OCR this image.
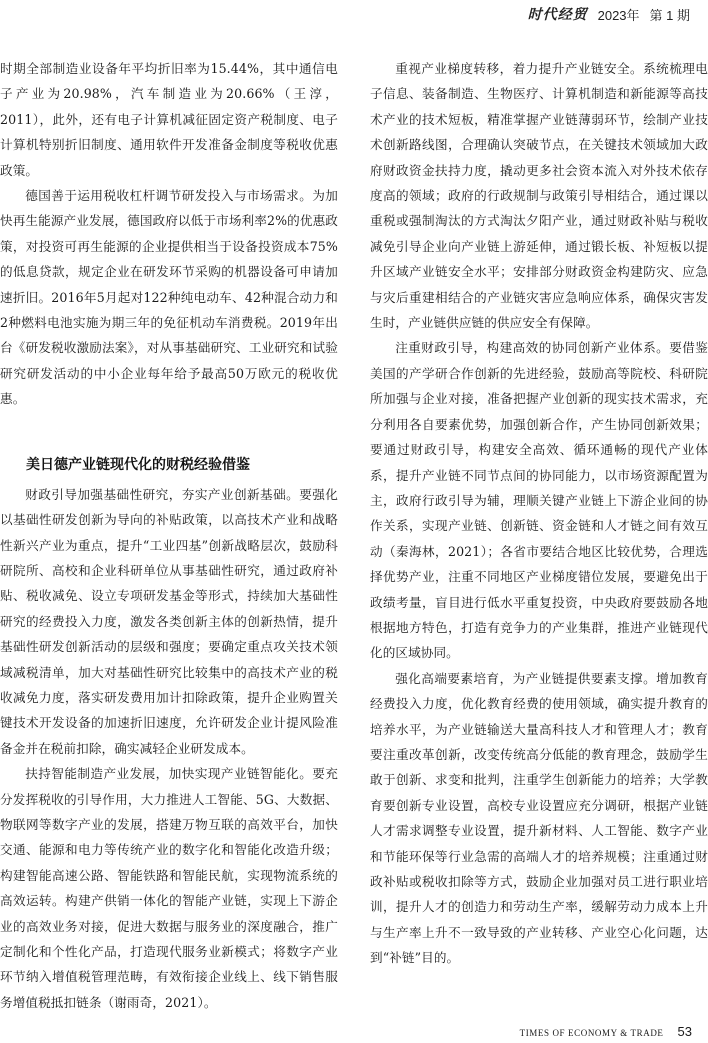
时代经贸 2023年 第 1 期

时期全部制造业设备年平均折旧率为15.44%，其中通信电子产业为20.98%，汽车制造业为20.66%（王淳，2011），此外，还有电子计算机减征固定资产税制度、电子计算机特别折旧制度、通用软件开发准备金制度等税收优惠政策。

德国善于运用税收杠杆调节研发投入与市场需求。为加快再生能源产业发展，德国政府以低于市场利率2%的优惠政策，对投资可再生能源的企业提供相当于设备投资成本75%的低息贷款，规定企业在研发环节采购的机器设备可申请加速折旧。2016年5月起对122种纯电动车、42种混合动力和2种燃料电池实施为期三年的免征机动车消费税。2019年出台《研发税收激励法案》，对从事基础研究、工业研究和试验研究研发活动的中小企业每年给予最高50万欧元的税收优惠。

美日德产业链现代化的财税经验借鉴

财政引导加强基础性研究，夯实产业创新基础。要强化以基础性研发创新为导向的补贴政策，以高技术产业和战略性新兴产业为重点，提升“工业四基”创新战略层次，鼓励科研院所、高校和企业科研单位从事基础性研究，通过政府补贴、税收减免、设立专项研发基金等形式，持续加大基础性研究的经费投入力度，激发各类创新主体的创新热情，提升基础性研发创新活动的层级和强度；要确定重点攻关技术领域减税清单，加大对基础性研究比较集中的高技术产业的税收减免力度，落实研发费用加计扣除政策，提升企业购置关键技术开发设备的加速折旧速度，允许研发企业计提风险准备金并在税前扣除，确实减轻企业研发成本。

扶持智能制造产业发展，加快实现产业链智能化。要充分发挥税收的引导作用，大力推进人工智能、5G、大数据、物联网等数字产业的发展，搭建万物互联的高效平台，加快交通、能源和电力等传统产业的数字化和智能化改造升级；构建智能高速公路、智能铁路和智能民航，实现物流系统的高效运转。构建产供销一体化的智能产业链，实现上下游企业的高效业务对接，促进大数据与服务业的深度融合，推广定制化和个性化产品，打造现代服务业新模式；将数字产业环节纳入增值税管理范畴，有效衔接企业线上、线下销售服务增值税抵扣链条（谢雨奇，2021）。

重视产业梯度转移，着力提升产业链安全。系统梳理电子信息、装备制造、生物医疗、计算机制造和新能源等高技术产业的技术短板，精准掌握产业链薄弱环节，绘制产业技术创新路线图，合理确认突破节点，在关键技术领域加大政府财政资金扶持力度，撬动更多社会资本流入对外技术依存度高的领域；政府的行政规制与政策引导相结合，通过课以重税或强制淘汰的方式淘汰夕阳产业，通过财政补贴与税收减免引导企业向产业链上游延伸，通过锻长板、补短板以提升区域产业链安全水平；安排部分财政资金构建防灾、应急与灾后重建相结合的产业链灾害应急响应体系，确保灾害发生时，产业链供应链的供应安全有保障。

注重财政引导，构建高效的协同创新产业体系。要借鉴美国的产学研合作创新的先进经验，鼓励高等院校、科研院所加强与企业对接，准备把握产业创新的现实技术需求，充分利用各自要素优势，加强创新合作，产生协同创新效果；要通过财政引导，构建安全高效、循环通畅的现代产业体系，提升产业链不同节点间的协同能力，以市场资源配置为主，政府行政引导为辅，理顺关键产业链上下游企业间的协作关系，实现产业链、创新链、资金链和人才链之间有效互动（秦海林，2021）；各省市要结合地区比较优势，合理选择优势产业，注重不同地区产业梯度错位发展，要避免出于政绩考量，盲目进行低水平重复投资，中央政府要鼓励各地根据地方特色，打造有竞争力的产业集群，推进产业链现代化的区域协同。

强化高端要素培育，为产业链提供要素支撑。增加教育经费投入力度，优化教育经费的使用领域，确实提升教育的培养水平，为产业链输送大量高科技人才和管理人才；教育要注重改革创新，改变传统高分低能的教育理念，鼓励学生敢于创新、求变和批判，注重学生创新能力的培养；大学教育要创新专业设置，高校专业设置应充分调研，根据产业链人才需求调整专业设置，提升新材料、人工智能、数字产业和节能环保等行业急需的高端人才的培养规模；注重通过财政补贴或税收扣除等方式，鼓励企业加强对员工进行职业培训，提升人才的创造力和劳动生产率，缓解劳动力成本上升与生产率上升不一致导致的产业转移、产业空心化问题，达到“补链”目的。

TIMES OF ECONOMY & TRADE 53
